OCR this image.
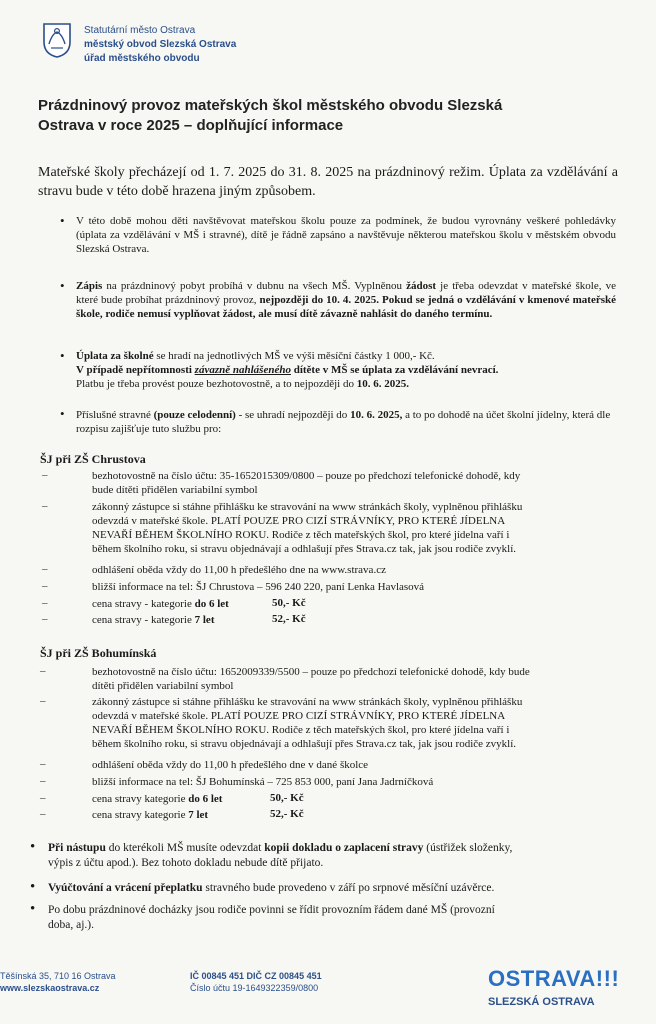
Statutární město Ostrava
městský obvod Slezská Ostrava
úřad městského obvodu
Prázdninový provoz mateřských škol městského obvodu Slezská
Ostrava v roce 2025 – doplňující informace
Mateřské školy přecházejí od 1. 7. 2025 do 31. 8. 2025 na prázdninový režim. Úplata za vzdělávání a stravu bude v této době hrazena jiným způsobem.
• V této době mohou děti navštěvovat mateřskou školu pouze za podmínek, že budou vyrovnány veškeré pohledávky (úplata za vzdělávání v MŠ i stravné), dítě je řádně zapsáno a navštěvuje některou mateřskou školu v městském obvodu Slezská Ostrava.
• Zápis na prázdninový pobyt probíhá v dubnu na všech MŠ. Vyplněnou žádost je třeba odevzdat v mateřské škole, ve které bude probíhat prázdninový provoz, nejpozději do 10. 4. 2025. Pokud se jedná o vzdělávání v kmenové mateřské škole, rodiče nemusí vyplňovat žádost, ale musí dítě závazně nahlásit do daného termínu.
• Úplata za školné se hradí na jednotlivých MŠ ve výši měsíční částky 1 000,- Kč.
V případě nepřítomnosti závazně nahlášeného dítěte v MŠ se úplata za vzdělávání nevrací.
Platbu je třeba provést pouze bezhotovostně, a to nejpozději do 10. 6. 2025.
• Příslušné stravné (pouze celodenní) - se uhradí nejpozději do 10. 6. 2025, a to po dohodě na účet školní jídelny, která dle rozpisu zajišťuje tuto službu pro:
ŠJ při ZŠ Chrustova
–	bezhotovostně na číslo účtu: 35-1652015309/0800 – pouze po předchozí telefonické dohodě, kdy
bude dítěti přidělen variabilní symbol
–	zákonný zástupce si stáhne přihlášku ke stravování na www stránkách školy, vyplněnou přihlášku
odevzdá v mateřské škole. PLATÍ POUZE PRO CIZÍ STRÁVNÍKY, PRO KTERÉ JÍDELNA
NEVAŘÍ BĚHEM ŠKOLNÍHO ROKU. Rodiče z těch mateřských škol, pro které jídelna vaří i
během školního roku, si stravu objednávají a odhlašují přes Strava.cz tak, jak jsou rodiče zvyklí.
–	odhlášení oběda vždy do 11,00 h předešlého dne na www.strava.cz
–	bližší informace na tel: ŠJ Chrustova – 596 240 220, paní Lenka Havlasová
–	cena stravy - kategorie do 6 let	50,- Kč
–	cena stravy - kategorie 7 let	52,- Kč
ŠJ při ZŠ Bohumínská
–	bezhotovostně na číslo účtu: 1652009339/5500 – pouze po předchozí telefonické dohodě, kdy bude
dítěti přidělen variabilní symbol
–	zákonný zástupce si stáhne přihlášku ke stravování na www stránkách školy, vyplněnou přihlášku
odevzdá v mateřské škole. PLATÍ POUZE PRO CIZÍ STRÁVNÍKY, PRO KTERÉ JÍDELNA
NEVAŘÍ BĚHEM ŠKOLNÍHO ROKU. Rodiče z těch mateřských škol, pro které jídelna vaří i
během školního roku, si stravu objednávají a odhlašují přes Strava.cz tak, jak jsou rodiče zvyklí.
–	odhlášení oběda vždy do 11,00 h předešlého dne v dané školce
–	bližší informace na tel: ŠJ Bohumínská – 725 853 000, paní Jana Jadrníčková
–	cena stravy kategorie do 6 let	50,- Kč
–	cena stravy kategorie 7 let	52,- Kč
• Při nástupu do kterékoli MŠ musíte odevzdat kopii dokladu o zaplacení stravy (ústřižek složenky,
výpis z účtu apod.). Bez tohoto dokladu nebude dítě přijato.
• Vyúčtování a vrácení přeplatku stravného bude provedeno v září po srpnové měsíční uzávěrce.
• Po dobu prázdninové docházky jsou rodiče povinni se řídit provozním řádem dané MŠ (provozní
doba, aj.).
Těšínská 35, 710 16 Ostrava
www.slezskaostrava.cz
IČ 00845 451 DIČ CZ 00845 451
Číslo účtu 19-1649322359/0800	OSTRAVA!!!
SLEZSKÁ OSTRAVA
